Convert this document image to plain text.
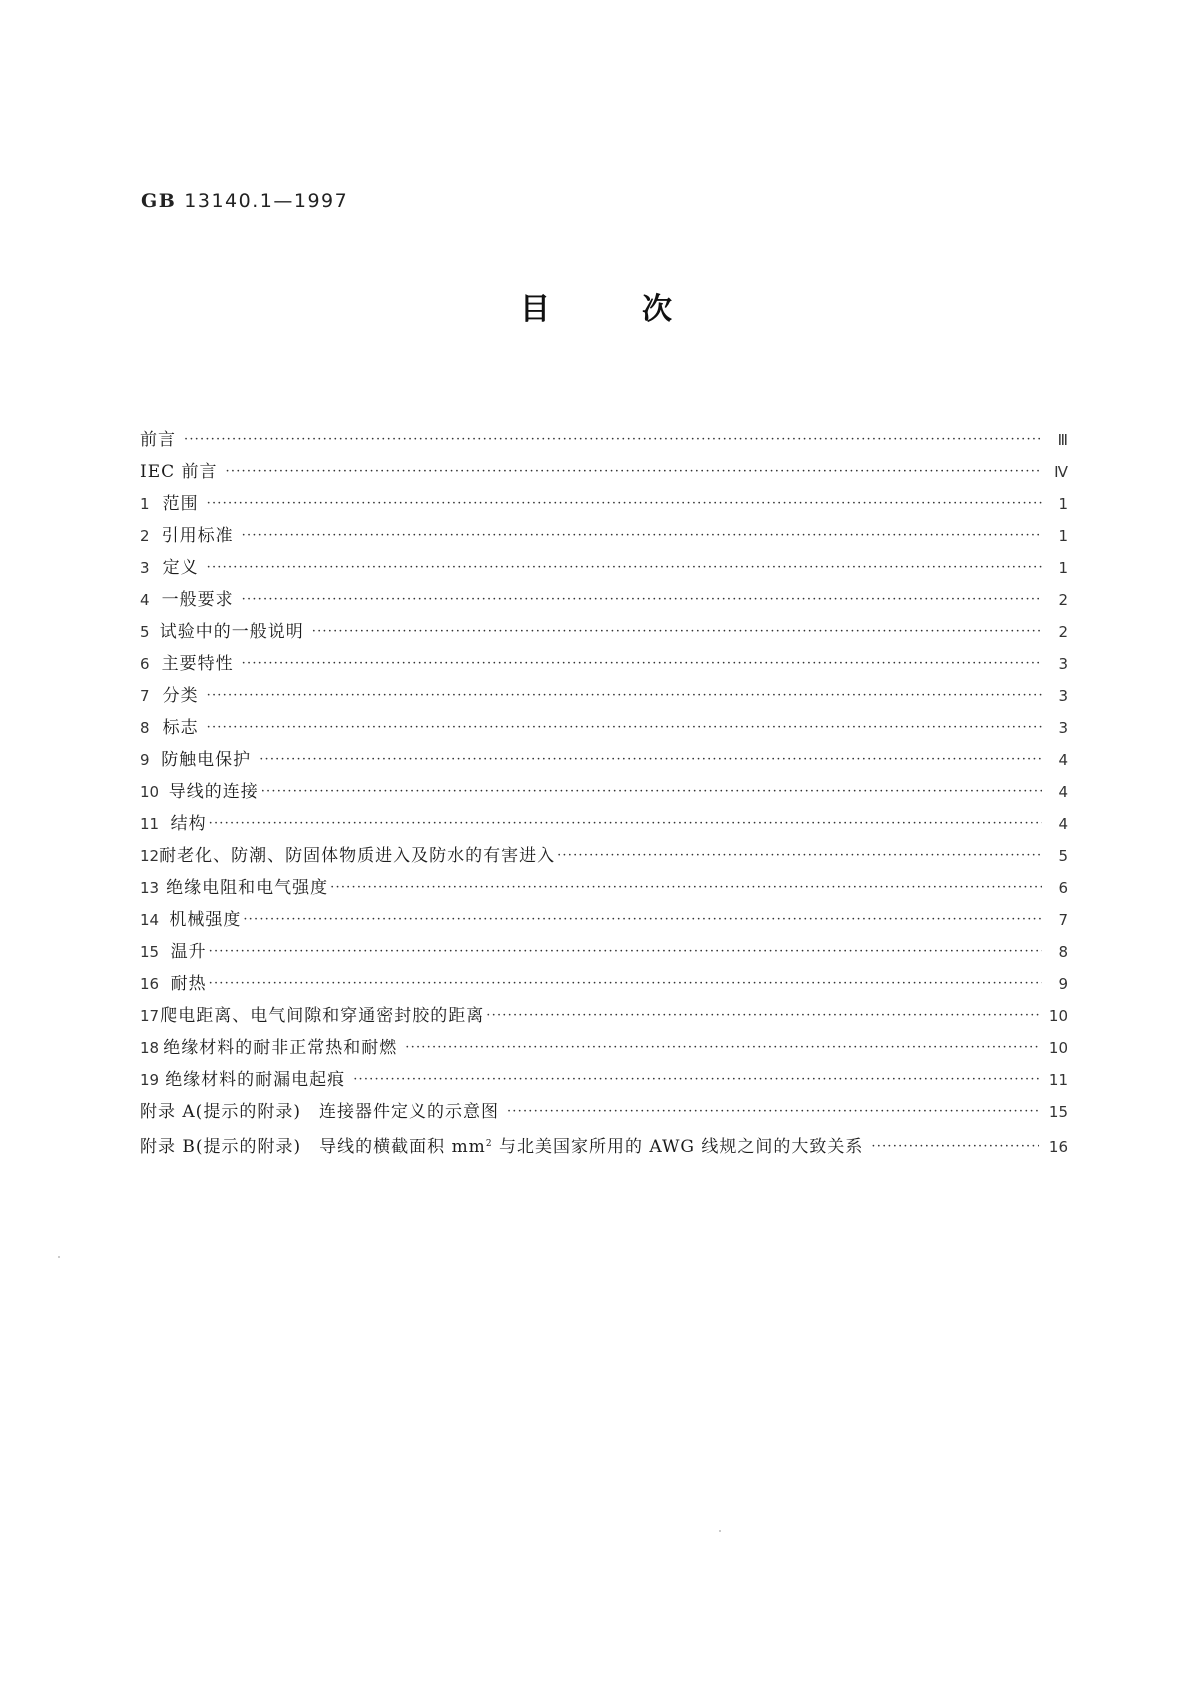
GB 13140.1—1997
目	次
前言 ·····	Ⅲ
IEC 前言 ·····	Ⅳ
1 范围 ·····	1
2 引用标准 ·····	1
3 定义 ·····	1
4 一般要求 ·····	2
5 试验中的一般说明 ·····	2
6 主要特性 ·····	3
7 分类 ·····	3
8 标志 ·····	3
9 防触电保护 ·····	4
10 导线的连接 ·····	4
11 结构 ·····	4
12 耐老化、防潮、防固体物质进入及防水的有害进入 ·····	5
13 绝缘电阻和电气强度 ·····	6
14 机械强度 ·····	7
15 温升 ·····	8
16 耐热 ·····	9
17 爬电距离、电气间隙和穿通密封胶的距离 ·····	10
18 绝缘材料的耐非正常热和耐燃 ·····	10
19 绝缘材料的耐漏电起痕 ·····	11
附录 A(提示的附录)　连接器件定义的示意图 ·····	15
附录 B(提示的附录)　导线的横截面积 $mm^2$ 与北美国家所用的 AWG 线规之间的大致关系 ·····	16
